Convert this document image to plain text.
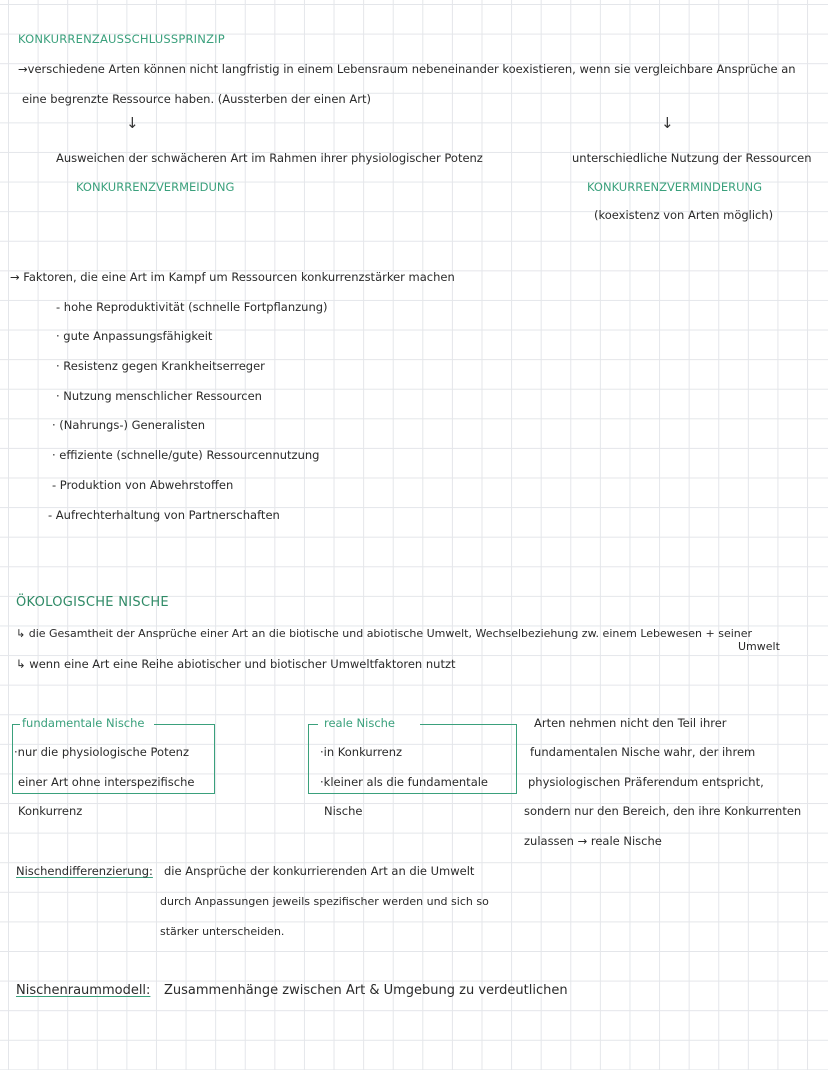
KONKURRENZAUSSCHLUSSPRINZIP
→verschiedene Arten können nicht langfristig in einem Lebensraum nebeneinander koexistieren, wenn sie vergleichbare Ansprüche an
eine begrenzte Ressource haben. (Aussterben der einen Art)
↓	↓
Ausweichen der schwächeren Art im Rahmen ihrer physiologischer Potenz
KONKURRENZVERMEIDUNG
unterschiedliche Nutzung der Ressourcen
KONKURRENZVERMINDERUNG
(koexistenz von Arten möglich)
→ Faktoren, die eine Art im Kampf um Ressourcen konkurrenzstärker machen
- hohe Reproduktivität (schnelle Fortpflanzung)
· gute Anpassungsfähigkeit
· Resistenz gegen Krankheitserreger
· Nutzung menschlicher Ressourcen
· (Nahrungs-) Generalisten
· effiziente (schnelle/gute) Ressourcennutzung
- Produktion von Abwehrstoffen
- Aufrechterhaltung von Partnerschaften
ÖKOLOGISCHE NISCHE
↳ die Gesamtheit der Ansprüche einer Art an die biotische und abiotische Umwelt, Wechselbeziehung zw. einem Lebewesen + seiner
Umwelt
↳ wenn eine Art eine Reihe abiotischer und biotischer Umweltfaktoren nutzt
fundamentale Nische
·nur die physiologische Potenz
einer Art ohne interspezifische
Konkurrenz
reale Nische
·in Konkurrenz
·kleiner als die fundamentale
Nische
Arten nehmen nicht den Teil ihrer
fundamentalen Nische wahr, der ihrem
physiologischen Präferendum entspricht,
sondern nur den Bereich, den ihre Konkurrenten
zulassen → reale Nische
Nischendifferenzierung: die Ansprüche der konkurrierenden Art an die Umwelt
durch Anpassungen jeweils spezifischer werden und sich so
stärker unterscheiden.
Nischenraummodell: Zusammenhänge zwischen Art & Umgebung zu verdeutlichen
